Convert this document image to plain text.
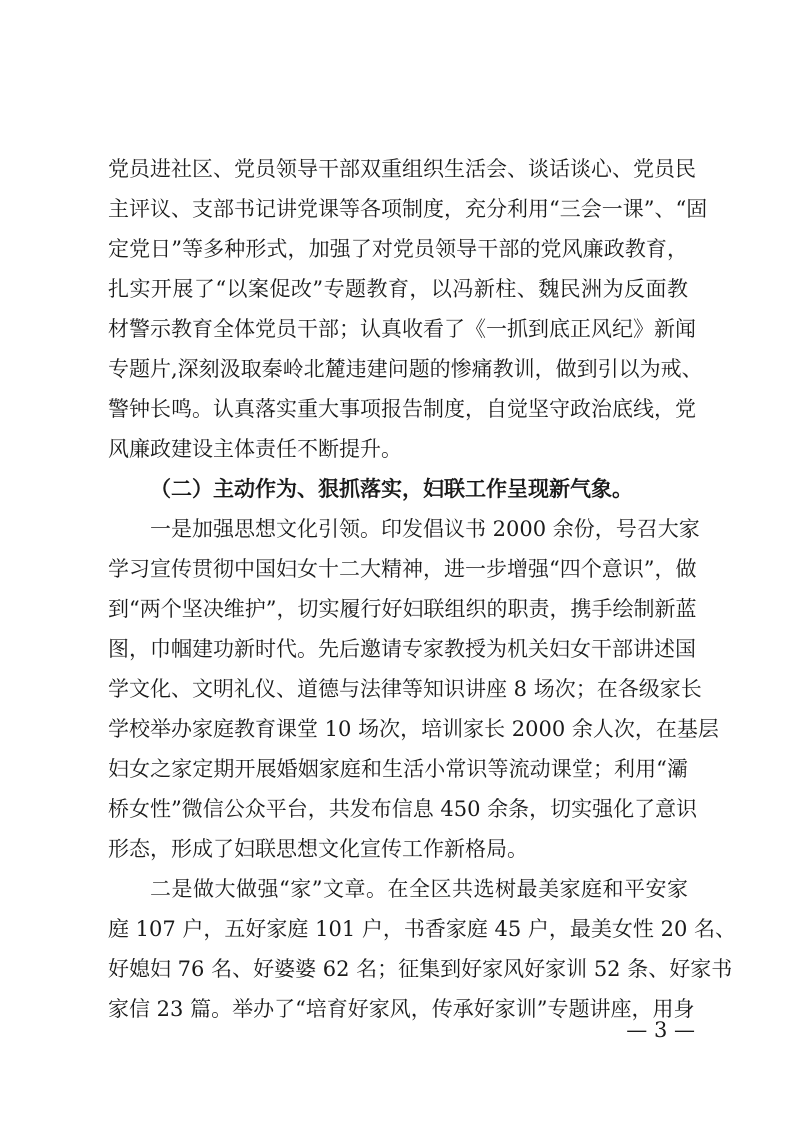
党员进社区、党员领导干部双重组织生活会、谈话谈心、党员民
主评议、支部书记讲党课等各项制度，充分利用“三会一课”、“固
定党日”等多种形式，加强了对党员领导干部的党风廉政教育，
扎实开展了“以案促改”专题教育，以冯新柱、魏民洲为反面教
材警示教育全体党员干部；认真收看了《一抓到底正风纪》新闻
专题片,深刻汲取秦岭北麓违建问题的惨痛教训，做到引以为戒、
警钟长鸣。认真落实重大事项报告制度，自觉坚守政治底线，党
风廉政建设主体责任不断提升。
（二）主动作为、狠抓落实，妇联工作呈现新气象。
一是加强思想文化引领。印发倡议书 2000 余份，号召大家
学习宣传贯彻中国妇女十二大精神，进一步增强“四个意识”，做
到“两个坚决维护”，切实履行好妇联组织的职责，携手绘制新蓝
图，巾帼建功新时代。先后邀请专家教授为机关妇女干部讲述国
学文化、文明礼仪、道德与法律等知识讲座 8 场次；在各级家长
学校举办家庭教育课堂 10 场次，培训家长 2000 余人次，在基层
妇女之家定期开展婚姻家庭和生活小常识等流动课堂；利用“灞
桥女性”微信公众平台，共发布信息 450 余条，切实强化了意识
形态，形成了妇联思想文化宣传工作新格局。
二是做大做强“家”文章。在全区共选树最美家庭和平安家
庭 107 户，五好家庭 101 户，书香家庭 45 户，最美女性 20 名、
好媳妇 76 名、好婆婆 62 名；征集到好家风好家训 52 条、好家书
家信 23 篇。举办了“培育好家风，传承好家训”专题讲座，用身
— 3 —
